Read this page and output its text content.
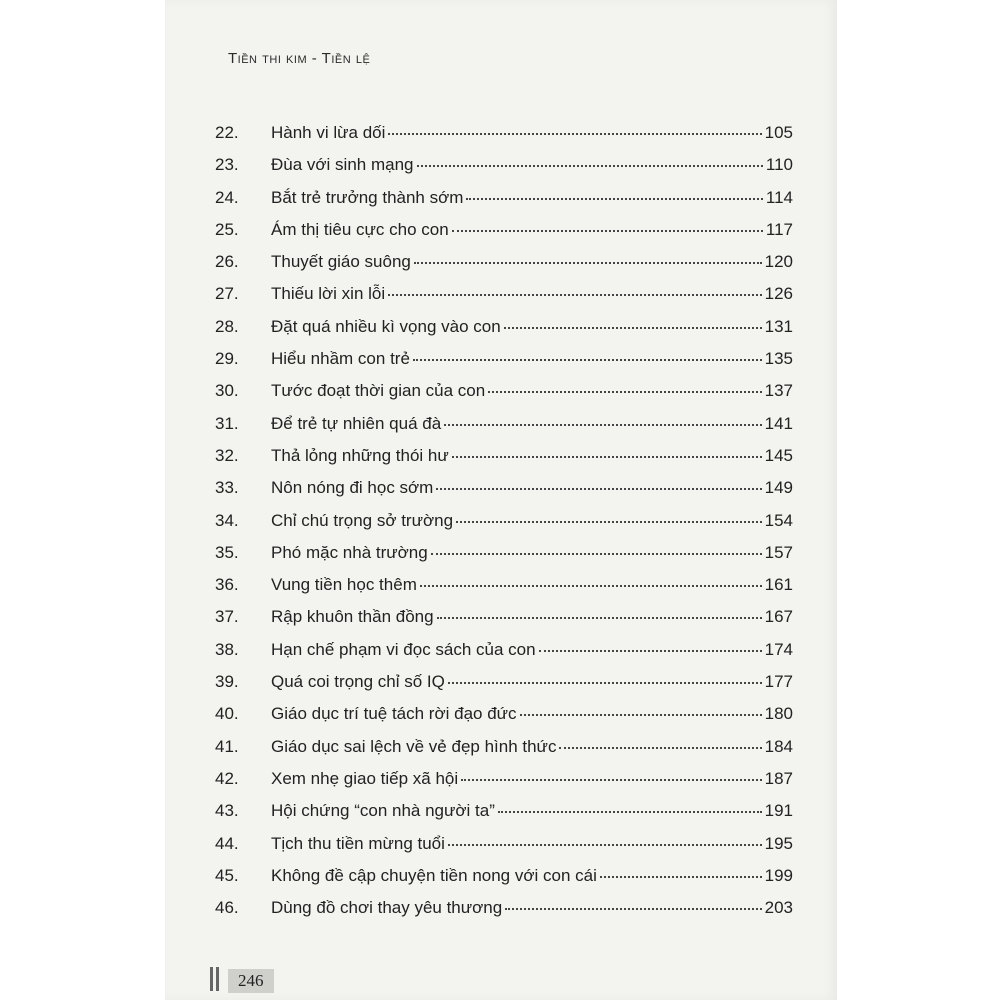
Tiền thi kim - Tiền lệ
22.	Hành vi lừa dối	105
23.	Đùa với sinh mạng	110
24.	Bắt trẻ trưởng thành sớm	114
25.	Ám thị tiêu cực cho con	117
26.	Thuyết giáo suông	120
27.	Thiếu lời xin lỗi	126
28.	Đặt quá nhiều kì vọng vào con	131
29.	Hiểu nhầm con trẻ	135
30.	Tước đoạt thời gian của con	137
31.	Để trẻ tự nhiên quá đà	141
32.	Thả lỏng những thói hư	145
33.	Nôn nóng đi học sớm	149
34.	Chỉ chú trọng sở trường	154
35.	Phó mặc nhà trường	157
36.	Vung tiền học thêm	161
37.	Rập khuôn thần đồng	167
38.	Hạn chế phạm vi đọc sách của con	174
39.	Quá coi trọng chỉ số IQ	177
40.	Giáo dục trí tuệ tách rời đạo đức	180
41.	Giáo dục sai lệch về vẻ đẹp hình thức	184
42.	Xem nhẹ giao tiếp xã hội	187
43.	Hội chứng “con nhà người ta”	191
44.	Tịch thu tiền mừng tuổi	195
45.	Không đề cập chuyện tiền nong với con cái	199
46.	Dùng đồ chơi thay yêu thương	203
246
